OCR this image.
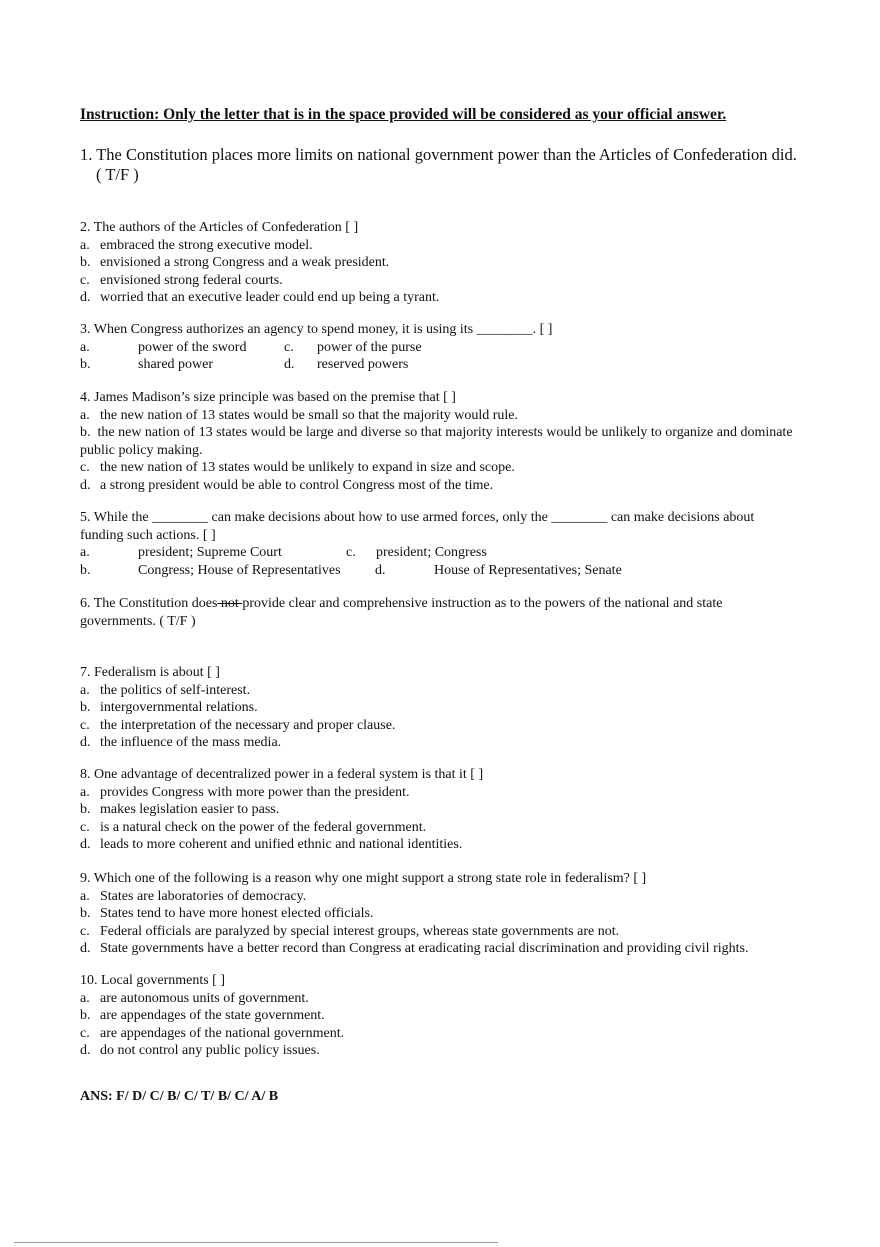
Instruction: Only the letter that is in the space provided will be considered as your official answer.
1. The Constitution places more limits on national government power than the Articles of Confederation did.
( T/F )
2. The authors of the Articles of Confederation [ ]
a. embraced the strong executive model.
b. envisioned a strong Congress and a weak president.
c. envisioned strong federal courts.
d. worried that an executive leader could end up being a tyrant.
3. When Congress authorizes an agency to spend money, it is using its ________. [ ]
a.	power of the sword	c.	power of the purse
b.	shared power	d.	reserved powers
4. James Madison’s size principle was based on the premise that [ ]
a. the new nation of 13 states would be small so that the majority would rule.
b. the new nation of 13 states would be large and diverse so that majority interests would be unlikely to organize and dominate public policy making.
c. the new nation of 13 states would be unlikely to expand in size and scope.
d. a strong president would be able to control Congress most of the time.
5. While the ________ can make decisions about how to use armed forces, only the ________ can make decisions about funding such actions. [ ]
a.	president; Supreme Court	c.	president; Congress
b.	Congress; House of Representatives	d.	House of Representatives; Senate
6. The Constitution does not provide clear and comprehensive instruction as to the powers of the national and state governments. ( T/F )
7. Federalism is about [ ]
a. the politics of self-interest.
b. intergovernmental relations.
c. the interpretation of the necessary and proper clause.
d. the influence of the mass media.
8. One advantage of decentralized power in a federal system is that it [ ]
a. provides Congress with more power than the president.
b. makes legislation easier to pass.
c. is a natural check on the power of the federal government.
d. leads to more coherent and unified ethnic and national identities.
9. Which one of the following is a reason why one might support a strong state role in federalism? [ ]
a. States are laboratories of democracy.
b. States tend to have more honest elected officials.
c. Federal officials are paralyzed by special interest groups, whereas state governments are not.
d. State governments have a better record than Congress at eradicating racial discrimination and providing civil rights.
10. Local governments [ ]
a. are autonomous units of government.
b. are appendages of the state government.
c. are appendages of the national government.
d. do not control any public policy issues.
ANS: F/ D/ C/ B/ C/ T/ B/ C/ A/ B
